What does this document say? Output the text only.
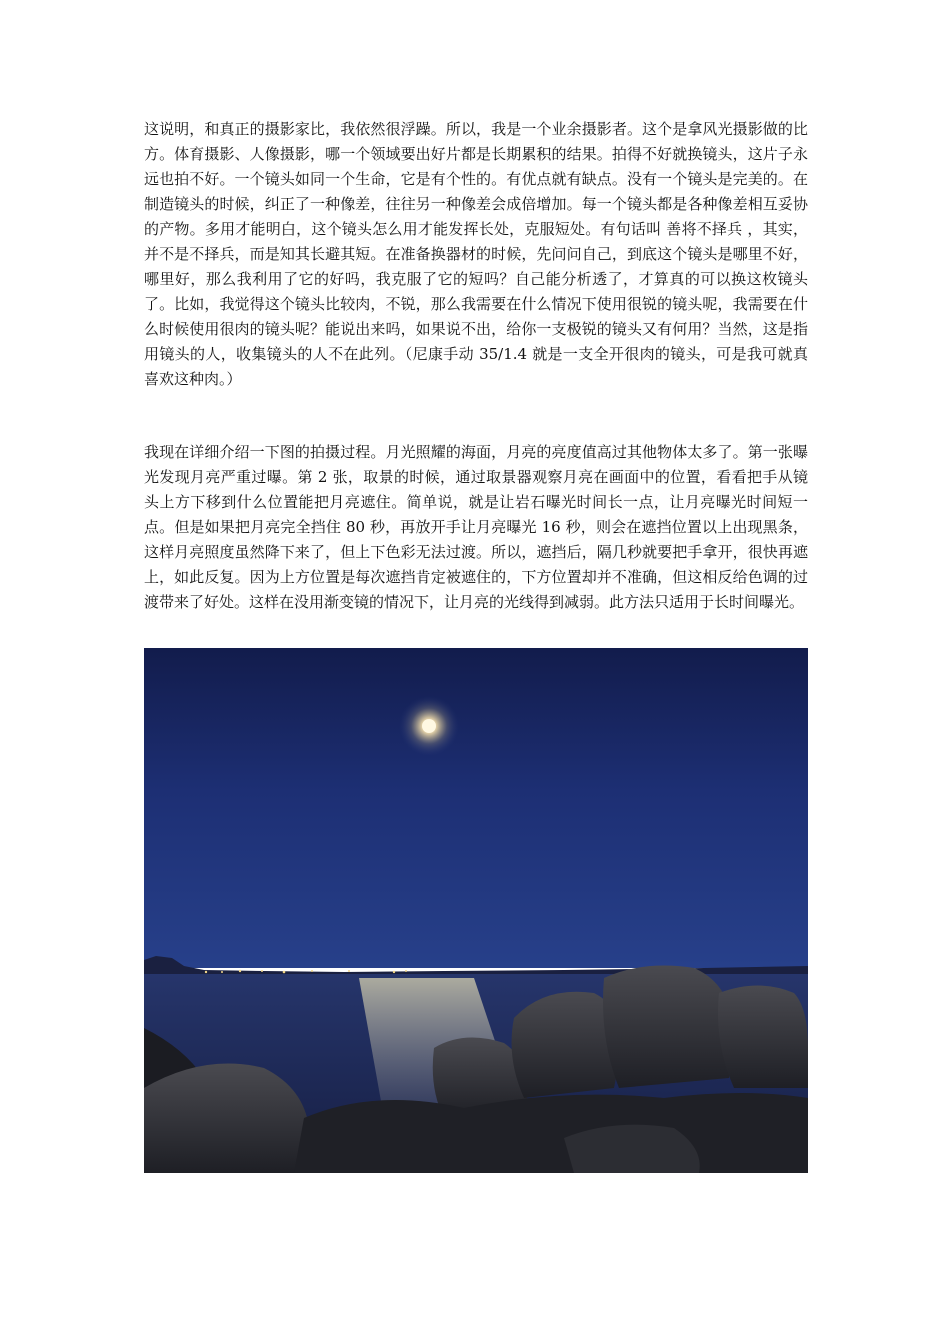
这说明，和真正的摄影家比，我依然很浮躁。所以，我是一个业余摄影者。这个是拿风光摄影做的比方。体育摄影、人像摄影，哪一个领域要出好片都是长期累积的结果。拍得不好就换镜头，这片子永远也拍不好。一个镜头如同一个生命，它是有个性的。有优点就有缺点。没有一个镜头是完美的。在制造镜头的时候，纠正了一种像差，往往另一种像差会成倍增加。每一个镜头都是各种像差相互妥协的产物。多用才能明白，这个镜头怎么用才能发挥长处，克服短处。有句话叫 善将不择兵 ，其实，并不是不择兵，而是知其长避其短。在准备换器材的时候，先问问自己，到底这个镜头是哪里不好，哪里好，那么我利用了它的好吗，我克服了它的短吗？自己能分析透了，才算真的可以换这枚镜头了。比如，我觉得这个镜头比较肉，不锐，那么我需要在什么情况下使用很锐的镜头呢，我需要在什么时候使用很肉的镜头呢？能说出来吗，如果说不出，给你一支极锐的镜头又有何用？当然，这是指用镜头的人，收集镜头的人不在此列。（尼康手动 35/1.4 就是一支全开很肉的镜头，可是我可就真喜欢这种肉。）

我现在详细介绍一下图的拍摄过程。月光照耀的海面，月亮的亮度值高过其他物体太多了。第一张曝光发现月亮严重过曝。第 2 张，取景的时候，通过取景器观察月亮在画面中的位置，看看把手从镜头上方下移到什么位置能把月亮遮住。简单说，就是让岩石曝光时间长一点，让月亮曝光时间短一点。但是如果把月亮完全挡住 80 秒，再放开手让月亮曝光 16 秒，则会在遮挡位置以上出现黑条，这样月亮照度虽然降下来了，但上下色彩无法过渡。所以，遮挡后，隔几秒就要把手拿开，很快再遮上，如此反复。因为上方位置是每次遮挡肯定被遮住的，下方位置却并不准确，但这相反给色调的过渡带来了好处。这样在没用渐变镜的情况下，让月亮的光线得到减弱。此方法只适用于长时间曝光。
